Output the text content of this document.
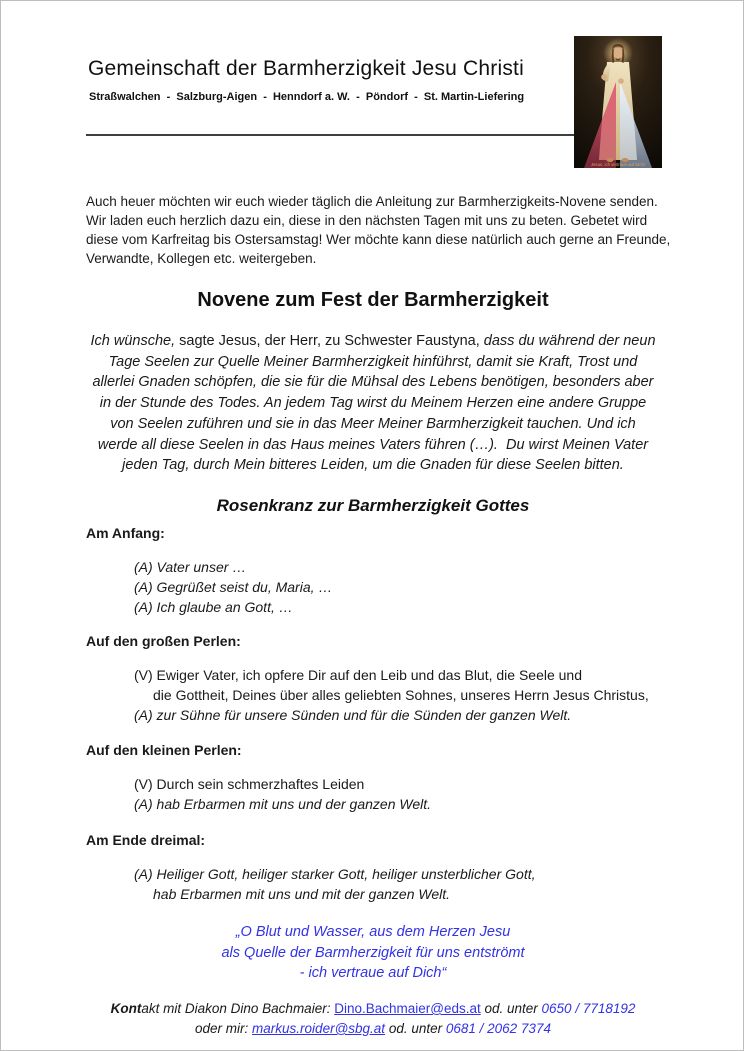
Gemeinschaft der Barmherzigkeit Jesu Christi
Straßwalchen  -  Salzburg-Aigen  -  Henndorf a. W.  -  Pöndorf  -  St. Martin-Liefering
Jesus, ich vertraue auf Dich!
Auch heuer möchten wir euch wieder täglich die Anleitung zur Barmherzigkeits-Novene senden.
Wir laden euch herzlich dazu ein, diese in den nächsten Tagen mit uns zu beten. Gebetet wird
diese vom Karfreitag bis Ostersamstag! Wer möchte kann diese natürlich auch gerne an Freunde,
Verwandte, Kollegen etc. weitergeben.
Novene zum Fest der Barmherzigkeit
Ich wünsche, sagte Jesus, der Herr, zu Schwester Faustyna, dass du während der neun
Tage Seelen zur Quelle Meiner Barmherzigkeit hinführst, damit sie Kraft, Trost und
allerlei Gnaden schöpfen, die sie für die Mühsal des Lebens benötigen, besonders aber
in der Stunde des Todes. An jedem Tag wirst du Meinem Herzen eine andere Gruppe
von Seelen zuführen und sie in das Meer Meiner Barmherzigkeit tauchen. Und ich
werde all diese Seelen in das Haus meines Vaters führen (…).  Du wirst Meinen Vater
jeden Tag, durch Mein bitteres Leiden, um die Gnaden für diese Seelen bitten.
Rosenkranz zur Barmherzigkeit Gottes
Am Anfang:
(A) Vater unser …
(A) Gegrüßet seist du, Maria, …
(A) Ich glaube an Gott, …
Auf den großen Perlen:
(V) Ewiger Vater, ich opfere Dir auf den Leib und das Blut, die Seele und
die Gottheit, Deines über alles geliebten Sohnes, unseres Herrn Jesus Christus,
(A) zur Sühne für unsere Sünden und für die Sünden der ganzen Welt.
Auf den kleinen Perlen:
(V) Durch sein schmerzhaftes Leiden
(A) hab Erbarmen mit uns und der ganzen Welt.
Am Ende dreimal:
(A) Heiliger Gott, heiliger starker Gott, heiliger unsterblicher Gott,
hab Erbarmen mit uns und mit der ganzen Welt.
„O Blut und Wasser, aus dem Herzen Jesu
als Quelle der Barmherzigkeit für uns entströmt
- ich vertraue auf Dich“
Kontakt mit Diakon Dino Bachmaier: Dino.Bachmaier@eds.at od. unter 0650 / 7718192
oder mir: markus.roider@sbg.at od. unter 0681 / 2062 7374
